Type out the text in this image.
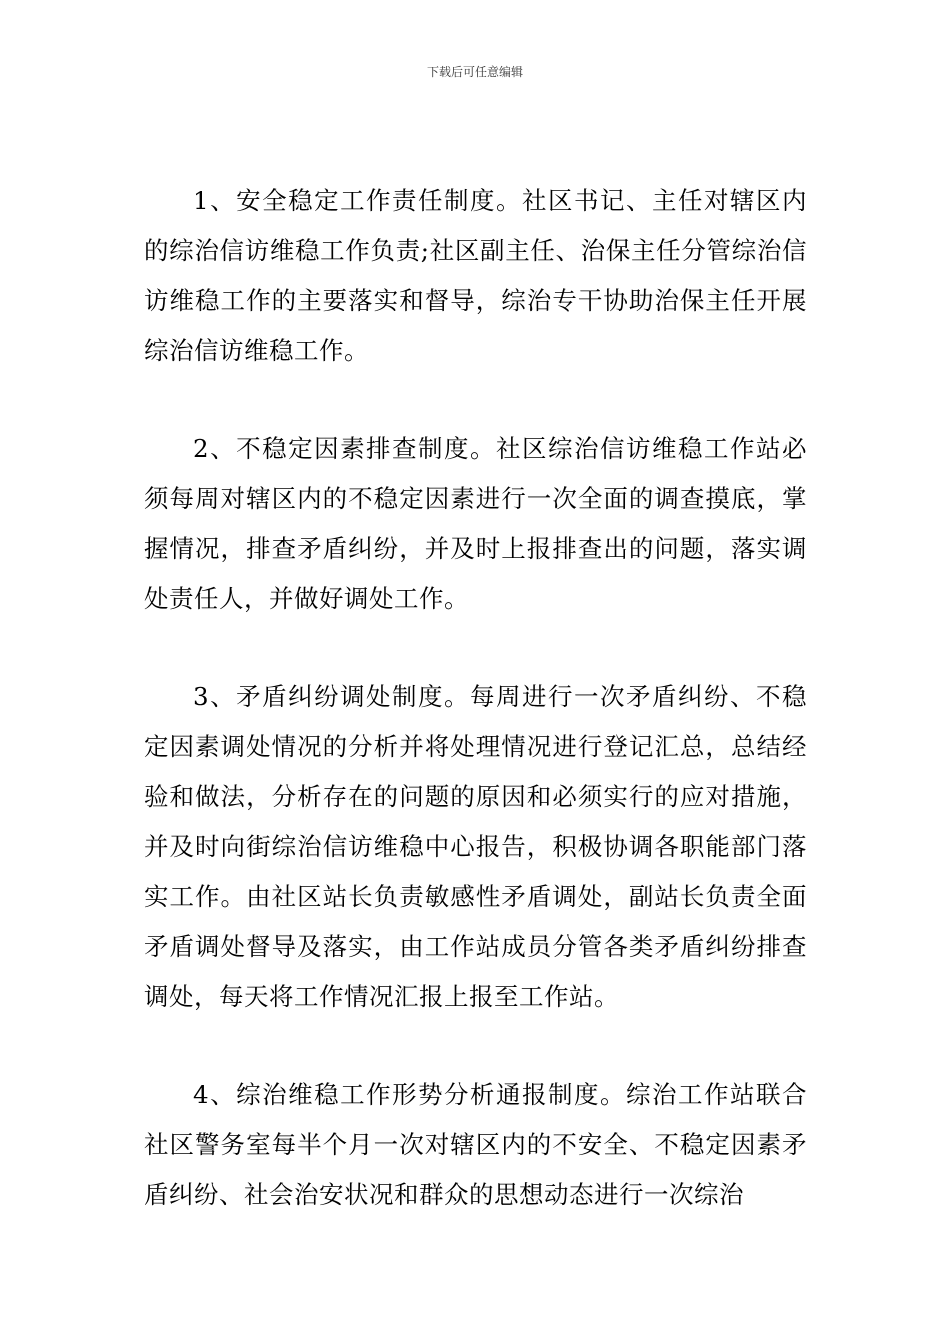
下载后可任意编辑

1、安全稳定工作责任制度。社区书记、主任对辖区内的综治信访维稳工作负责;社区副主任、治保主任分管综治信访维稳工作的主要落实和督导，综治专干协助治保主任开展综治信访维稳工作。

2、不稳定因素排查制度。社区综治信访维稳工作站必须每周对辖区内的不稳定因素进行一次全面的调查摸底，掌握情况，排查矛盾纠纷，并及时上报排查出的问题，落实调处责任人，并做好调处工作。

3、矛盾纠纷调处制度。每周进行一次矛盾纠纷、不稳定因素调处情况的分析并将处理情况进行登记汇总，总结经验和做法，分析存在的问题的原因和必须实行的应对措施，并及时向街综治信访维稳中心报告，积极协调各职能部门落实工作。由社区站长负责敏感性矛盾调处，副站长负责全面矛盾调处督导及落实，由工作站成员分管各类矛盾纠纷排查调处，每天将工作情况汇报上报至工作站。

4、综治维稳工作形势分析通报制度。综治工作站联合社区警务室每半个月一次对辖区内的不安全、不稳定因素矛盾纠纷、社会治安状况和群众的思想动态进行一次综治
